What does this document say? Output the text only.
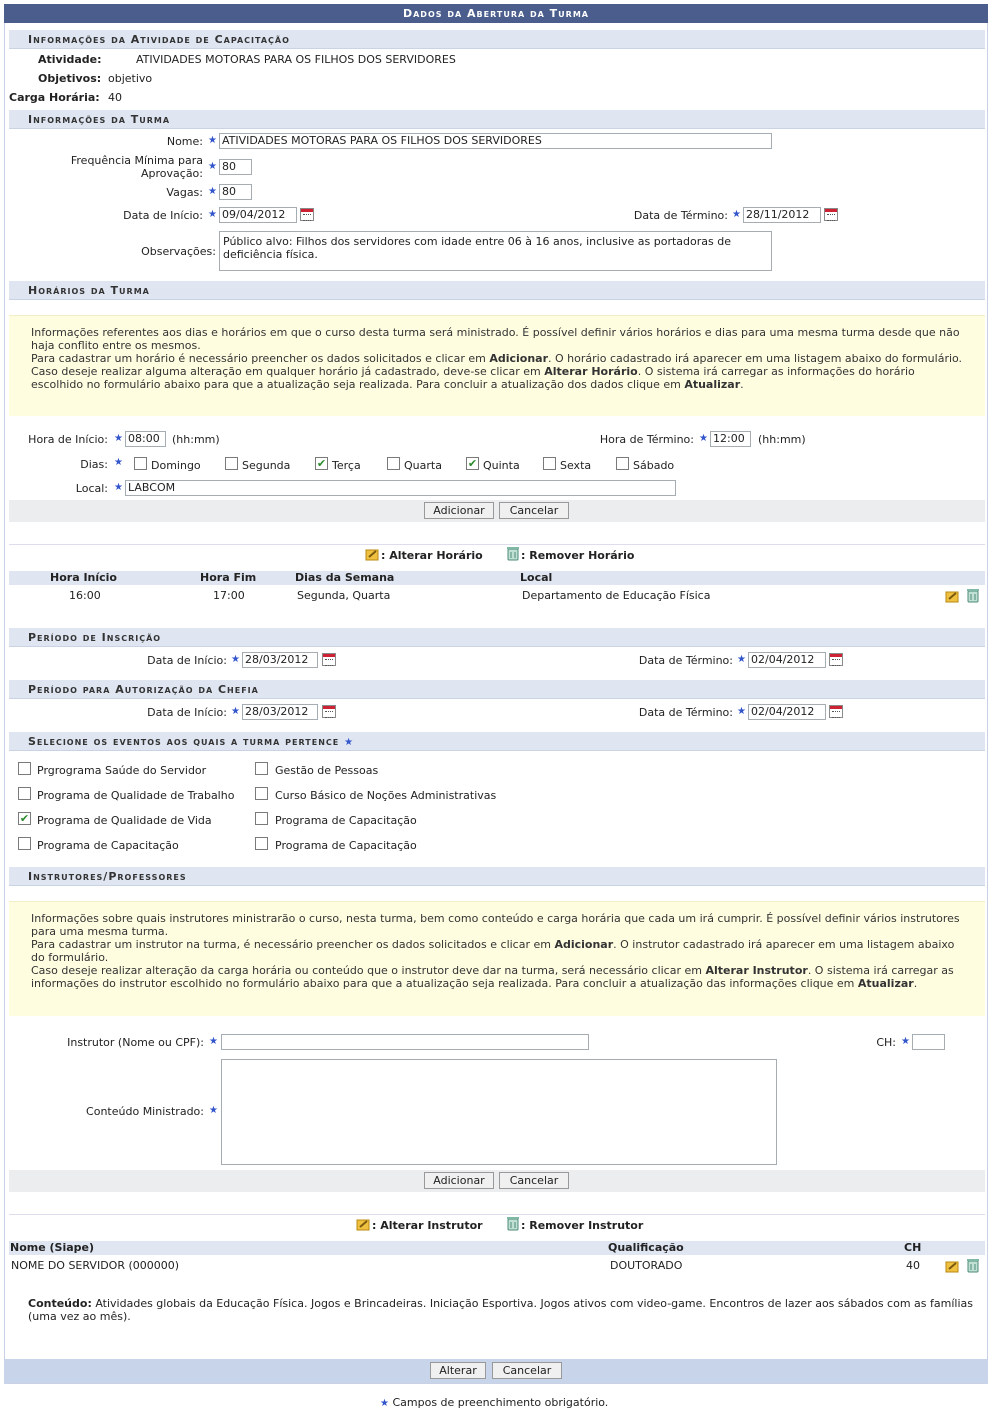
Dados da Abertura da Turma
Informações da Atividade de Capacitação
Atividade:	ATIVIDADES MOTORAS PARA OS FILHOS DOS SERVIDORES
Objetivos: objetivo
Carga Horária: 40
Informações da Turma
Nome: ★ ATIVIDADES MOTORAS PARA OS FILHOS DOS SERVIDORES
Frequência Mínima para
Aprovação:
★ 80
Vagas: ★ 80
Data de Início: ★ 09/04/2012	Data de Término: ★ 28/11/2012
Observações:
Público alvo: Filhos dos servidores com idade entre 06 à 16 anos, inclusive as portadoras de deficiência física.
Horários da Turma
Informações referentes aos dias e horários em que o curso desta turma será ministrado. É possível definir vários horários e dias para uma mesma turma desde que não haja conflito entre os mesmos.
Para cadastrar um horário é necessário preencher os dados solicitados e clicar em Adicionar. O horário cadastrado irá aparecer em uma listagem abaixo do formulário.
Caso deseje realizar alguma alteração em qualquer horário já cadastrado, deve-se clicar em Alterar Horário. O sistema irá carregar as informações do horário escolhido no formulário abaixo para que a atualização seja realizada. Para concluir a atualização dos dados clique em Atualizar.
Hora de Início: ★ 08:00	(hh:mm)	Hora de Término: ★ 12:00	(hh:mm)
Dias: ★	Domingo	Segunda ✔ Terça	Quarta ✔ Quinta	Sexta	Sábado
Local: ★ LABCOM
Adicionar	Cancelar
: Alterar Horário	: Remover Horário
Hora Início	Hora Fim	Dias da Semana	Local
16:00	17:00	Segunda, Quarta	Departamento de Educação Física
Período de Inscrição
Data de Início: ★ 28/03/2012	Data de Término: ★ 02/04/2012
Período para Autorização da Chefia
Data de Início: ★ 28/03/2012	Data de Término: ★ 02/04/2012
Selecione os eventos aos quais a turma pertence ★
Prgrograma Saúde do Servidor
Programa de Qualidade de Trabalho
✔ Programa de Qualidade de Vida
Programa de Capacitação
Gestão de Pessoas
Curso Básico de Noções Administrativas
Programa de Capacitação
Programa de Capacitação
Instrutores/Professores
Informações sobre quais instrutores ministrarão o curso, nesta turma, bem como conteúdo e carga horária que cada um irá cumprir. É possível definir vários instrutores para uma mesma turma.
Para cadastrar um instrutor na turma, é necessário preencher os dados solicitados e clicar em Adicionar. O instrutor cadastrado irá aparecer em uma listagem abaixo do formulário.
Caso deseje realizar alteração da carga horária ou conteúdo que o instrutor deve dar na turma, será necessário clicar em Alterar Instrutor. O sistema irá carregar as informações do instrutor escolhido no formulário abaixo para que a atualização seja realizada. Para concluir a atualização das informações clique em Atualizar.
Instrutor (Nome ou CPF): ★	CH: ★
Conteúdo Ministrado: ★
Adicionar	Cancelar
: Alterar Instrutor	: Remover Instrutor
Nome (Siape)	Qualificação	CH
NOME DO SERVIDOR (000000)	DOUTORADO	40
Conteúdo: Atividades globais da Educação Física. Jogos e Brincadeiras. Iniciação Esportiva. Jogos ativos com video-game. Encontros de lazer aos sábados com as famílias (uma vez ao mês).
Alterar	Cancelar
★ Campos de preenchimento obrigatório.
